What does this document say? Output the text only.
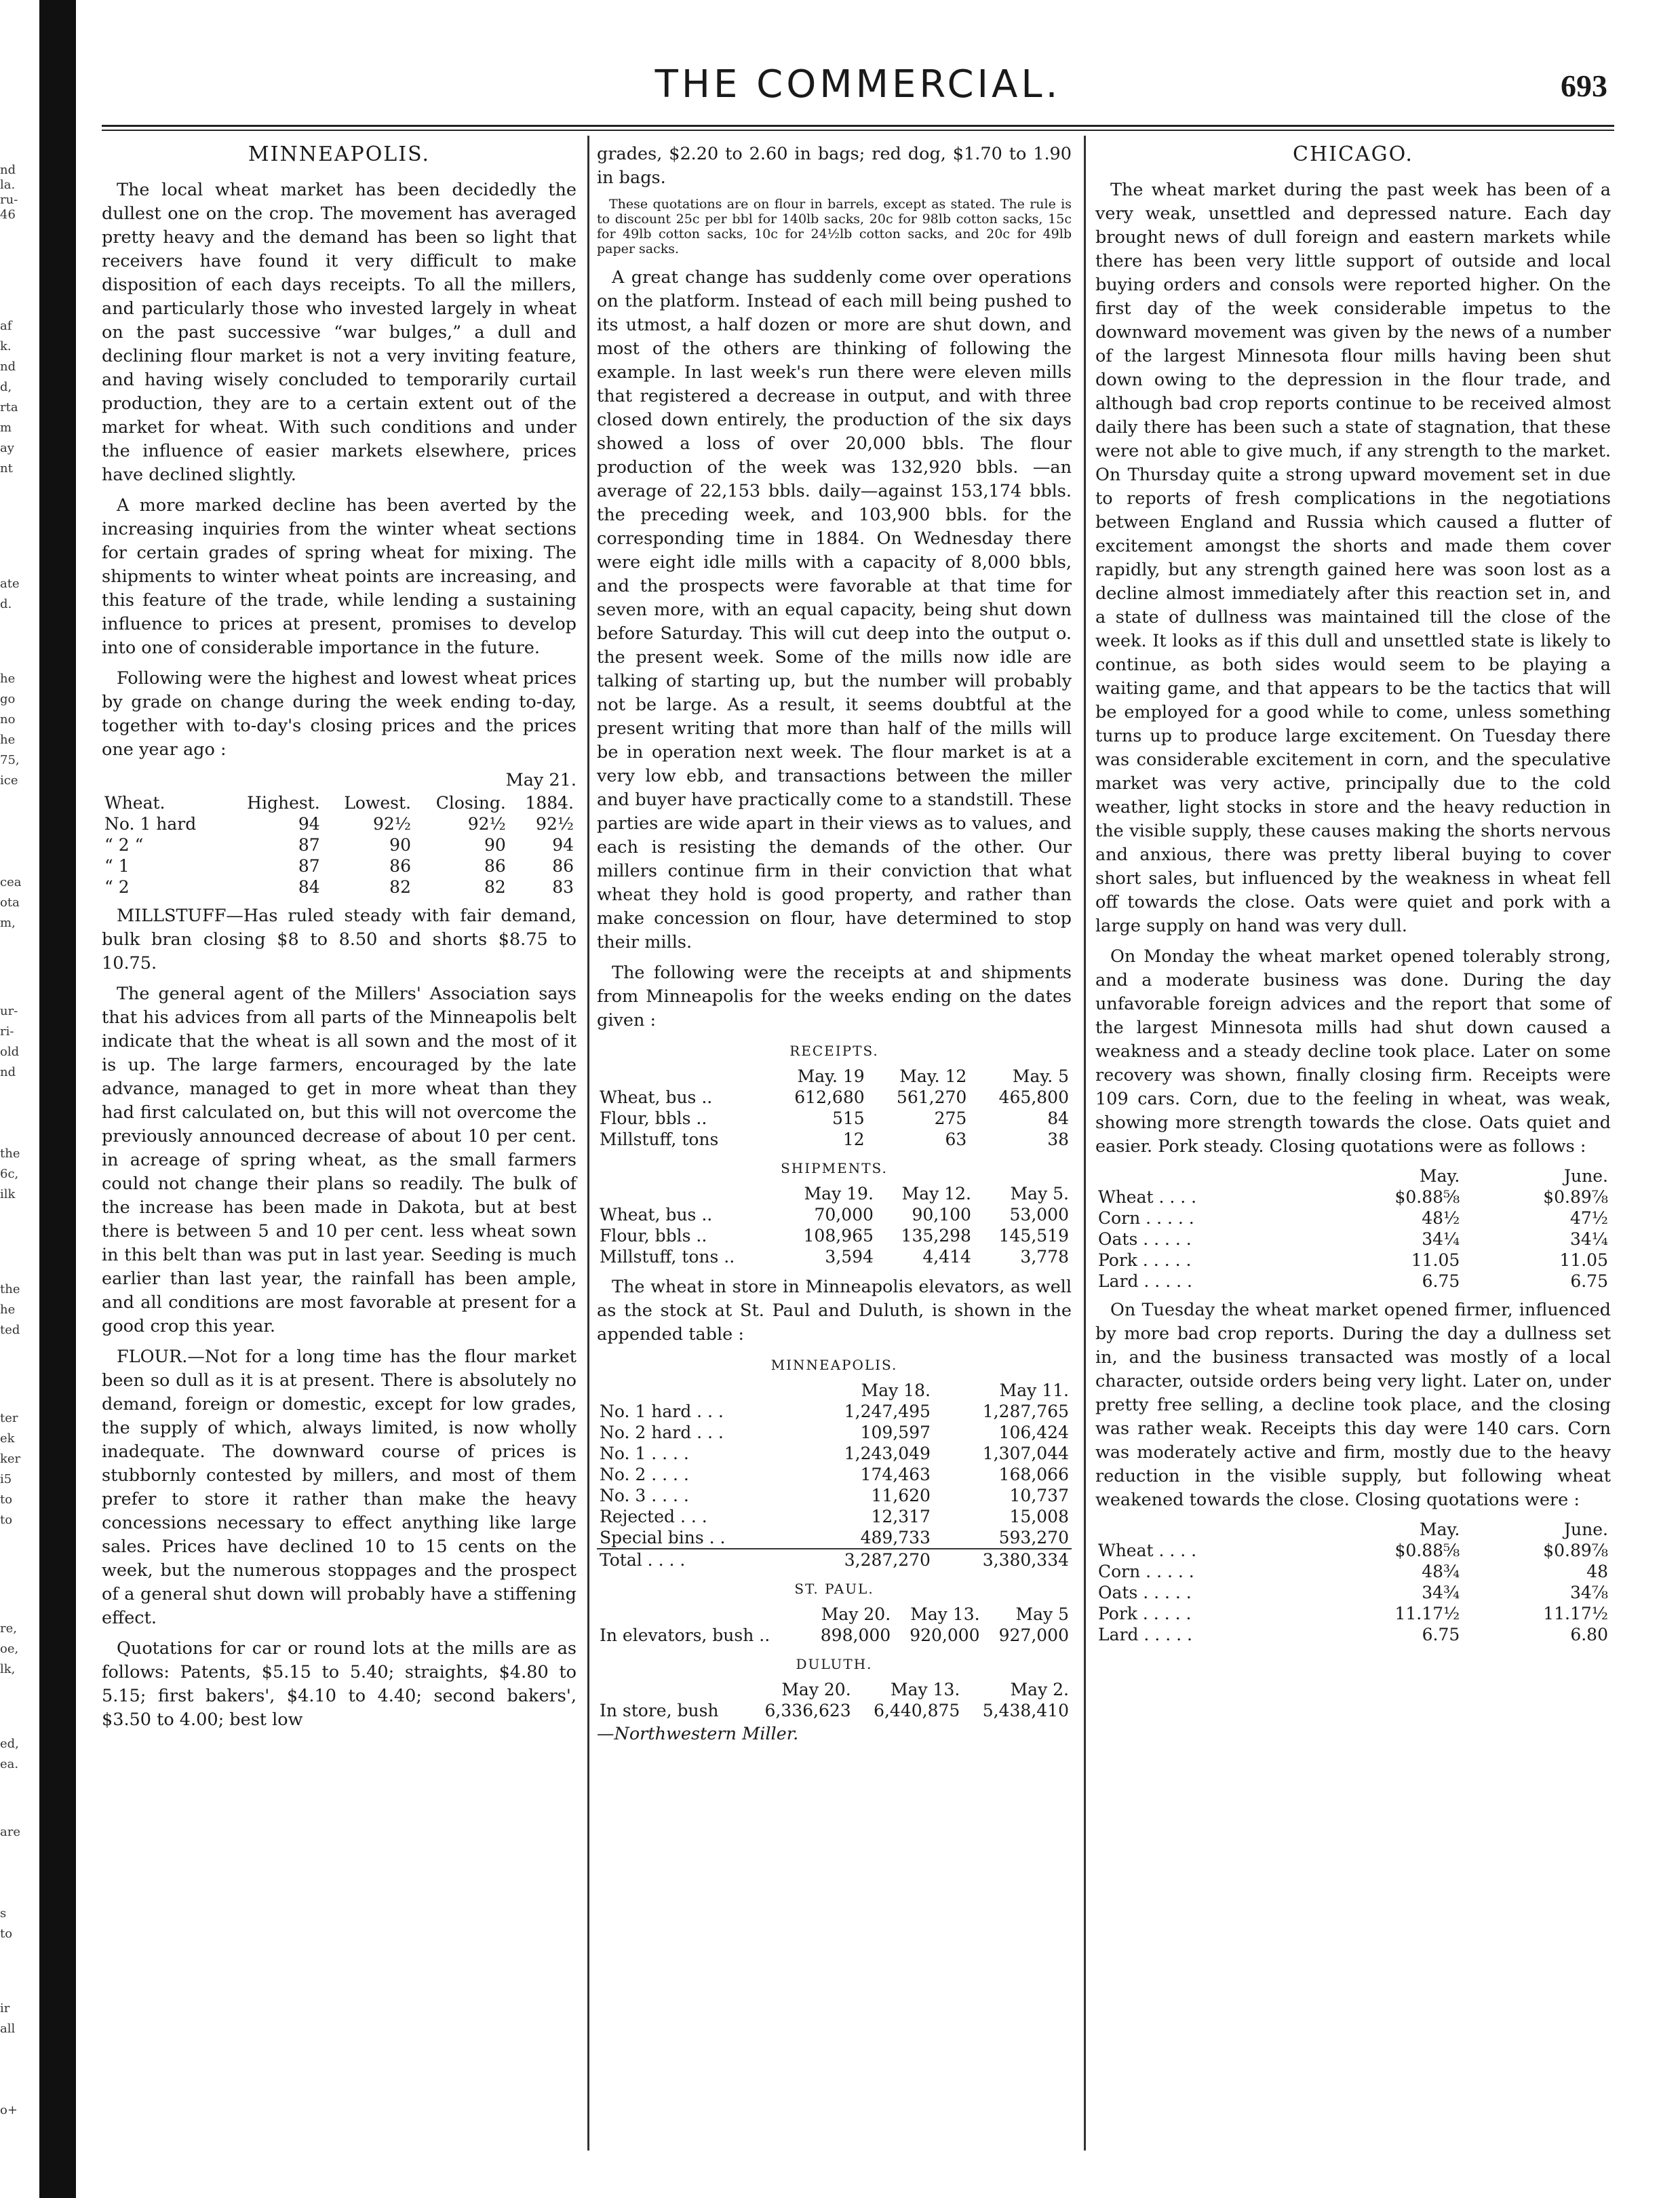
nd
la.
ru-
46
af
k.
nd
d,
rta
m
ay
nt
ate
d.
he
go
no
he
75,
ice
cea
ota
m,
ur-
ri-
old
nd
the
6c,
ilk
the
he
ted
ter
ek
ker
i5
to
to
re,
oe,
lk,
ed,
ea.
are
s
to
ir
all
o+
THE COMMERCIAL.	693
MINNEAPOLIS.

The local wheat market has been decidedly the dullest one on the crop. The movement has averaged pretty heavy and the demand has been so light that receivers have found it very difficult to make disposition of each days receipts. To all the millers, and particularly those who invested largely in wheat on the past successive “war bulges,” a dull and declining flour market is not a very inviting feature, and having wisely concluded to temporarily curtail production, they are to a certain extent out of the market for wheat. With such conditions and under the influence of easier markets elsewhere, prices have declined slightly.

A more marked decline has been averted by the increasing inquiries from the winter wheat sections for certain grades of spring wheat for mixing. The shipments to winter wheat points are increasing, and this feature of the trade, while lending a sustaining influence to prices at present, promises to develop into one of considerable importance in the future.

Following were the highest and lowest wheat prices by grade on change during the week ending to-day, together with to-day's closing prices and the prices one year ago :

May 21.

Wheat.	Highest.	Lowest.	Closing.	1884.
No. 1 hard	94	92½	92½	92½
“ 2 “	87	90	90	94
“ 1	87	86	86	86
“ 2	84	82	82	83

MILLSTUFF—Has ruled steady with fair demand, bulk bran closing $8 to 8.50 and shorts $8.75 to 10.75.

The general agent of the Millers' Association says that his advices from all parts of the Minneapolis belt indicate that the wheat is all sown and the most of it is up. The large farmers, encouraged by the late advance, managed to get in more wheat than they had first calculated on, but this will not overcome the previously announced decrease of about 10 per cent. in acreage of spring wheat, as the small farmers could not change their plans so readily. The bulk of the increase has been made in Dakota, but at best there is between 5 and 10 per cent. less wheat sown in this belt than was put in last year. Seeding is much earlier than last year, the rainfall has been ample, and all conditions are most favorable at present for a good crop this year.

FLOUR.—Not for a long time has the flour market been so dull as it is at present. There is absolutely no demand, foreign or domestic, except for low grades, the supply of which, always limited, is now wholly inadequate. The downward course of prices is stubbornly contested by millers, and most of them prefer to store it rather than make the heavy concessions necessary to effect anything like large sales. Prices have declined 10 to 15 cents on the week, but the numerous stoppages and the prospect of a general shut down will probably have a stiffening effect.

Quotations for car or round lots at the mills are as follows: Patents, $5.15 to 5.40; straights, $4.80 to 5.15; first bakers', $4.10 to 4.40; second bakers', $3.50 to 4.00; best low

grades, $2.20 to 2.60 in bags; red dog, $1.70 to 1.90 in bags.

These quotations are on flour in barrels, except as stated. The rule is to discount 25c per bbl for 140lb sacks, 20c for 98lb cotton sacks, 15c for 49lb cotton sacks, 10c for 24½lb cotton sacks, and 20c for 49lb paper sacks.

A great change has suddenly come over operations on the platform. Instead of each mill being pushed to its utmost, a half dozen or more are shut down, and most of the others are thinking of following the example. In last week's run there were eleven mills that registered a decrease in output, and with three closed down entirely, the production of the six days showed a loss of over 20,000 bbls. The flour production of the week was 132,920 bbls. —an average of 22,153 bbls. daily—against 153,174 bbls. the preceding week, and 103,900 bbls. for the corresponding time in 1884. On Wednesday there were eight idle mills with a capacity of 8,000 bbls, and the prospects were favorable at that time for seven more, with an equal capacity, being shut down before Saturday. This will cut deep into the output o. the present week. Some of the mills now idle are talking of starting up, but the number will probably not be large. As a result, it seems doubtful at the present writing that more than half of the mills will be in operation next week. The flour market is at a very low ebb, and transactions between the miller and buyer have practically come to a standstill. These parties are wide apart in their views as to values, and each is resisting the demands of the other. Our millers continue firm in their conviction that what wheat they hold is good property, and rather than make concession on flour, have determined to stop their mills.

The following were the receipts at and shipments from Minneapolis for the weeks ending on the dates given :

RECEIPTS.
	May. 19	May. 12	May. 5
Wheat, bus ..	612,680	561,270	465,800
Flour, bbls ..	515	275	84
Millstuff, tons	12	63	38
SHIPMENTS.
	May 19.	May 12.	May 5.
Wheat, bus ..	70,000	90,100	53,000
Flour, bbls ..	108,965	135,298	145,519
Millstuff, tons ..	3,594	4,414	3,778

The wheat in store in Minneapolis elevators, as well as the stock at St. Paul and Duluth, is shown in the appended table :

MINNEAPOLIS.
	May 18.	May 11.
No. 1 hard . . .	1,247,495	1,287,765
No. 2 hard . . .	109,597	106,424
No. 1 . . . .	1,243,049	1,307,044
No. 2 . . . .	174,463	168,066
No. 3 . . . .	11,620	10,737
Rejected . . .	12,317	15,008
Special bins . .	489,733	593,270
Total . . . .	3,287,270	3,380,334
ST. PAUL.
	May 20.	May 13.	May 5
In elevators, bush ..	898,000	920,000	927,000
DULUTH.
	May 20.	May 13.	May 2.
In store, bush	6,336,623	6,440,875	5,438,410

—Northwestern Miller.

CHICAGO.

The wheat market during the past week has been of a very weak, unsettled and depressed nature. Each day brought news of dull foreign and eastern markets while there has been very little support of outside and local buying orders and consols were reported higher. On the first day of the week considerable impetus to the downward movement was given by the news of a number of the largest Minnesota flour mills having been shut down owing to the depression in the flour trade, and although bad crop reports continue to be received almost daily there has been such a state of stagnation, that these were not able to give much, if any strength to the market. On Thursday quite a strong upward movement set in due to reports of fresh complications in the negotiations between England and Russia which caused a flutter of excitement amongst the shorts and made them cover rapidly, but any strength gained here was soon lost as a decline almost immediately after this reaction set in, and a state of dullness was maintained till the close of the week. It looks as if this dull and unsettled state is likely to continue, as both sides would seem to be playing a waiting game, and that appears to be the tactics that will be employed for a good while to come, unless something turns up to produce large excitement. On Tuesday there was considerable excitement in corn, and the speculative market was very active, principally due to the cold weather, light stocks in store and the heavy reduction in the visible supply, these causes making the shorts nervous and anxious, there was pretty liberal buying to cover short sales, but influenced by the weakness in wheat fell off towards the close. Oats were quiet and pork with a large supply on hand was very dull.

On Monday the wheat market opened tolerably strong, and a moderate business was done. During the day unfavorable foreign advices and the report that some of the largest Minnesota mills had shut down caused a weakness and a steady decline took place. Later on some recovery was shown, finally closing firm. Receipts were 109 cars. Corn, due to the feeling in wheat, was weak, showing more strength towards the close. Oats quiet and easier. Pork steady. Closing quotations were as follows :

	May.	June.
Wheat . . . .	$0.88⅝	$0.89⅞
Corn . . . . .	48½	47½
Oats . . . . .	34¼	34¼
Pork . . . . .	11.05	11.05
Lard . . . . .	6.75	6.75

On Tuesday the wheat market opened firmer, influenced by more bad crop reports. During the day a dullness set in, and the business transacted was mostly of a local character, outside orders being very light. Later on, under pretty free selling, a decline took place, and the closing was rather weak. Receipts this day were 140 cars. Corn was moderately active and firm, mostly due to the heavy reduction in the visible supply, but following wheat weakened towards the close. Closing quotations were :

	May.	June.
Wheat . . . .	$0.88⅝	$0.89⅞
Corn . . . . .	48¾	48
Oats . . . . .	34¾	34⅞
Pork . . . . .	11.17½	11.17½
Lard . . . . .	6.75	6.80
